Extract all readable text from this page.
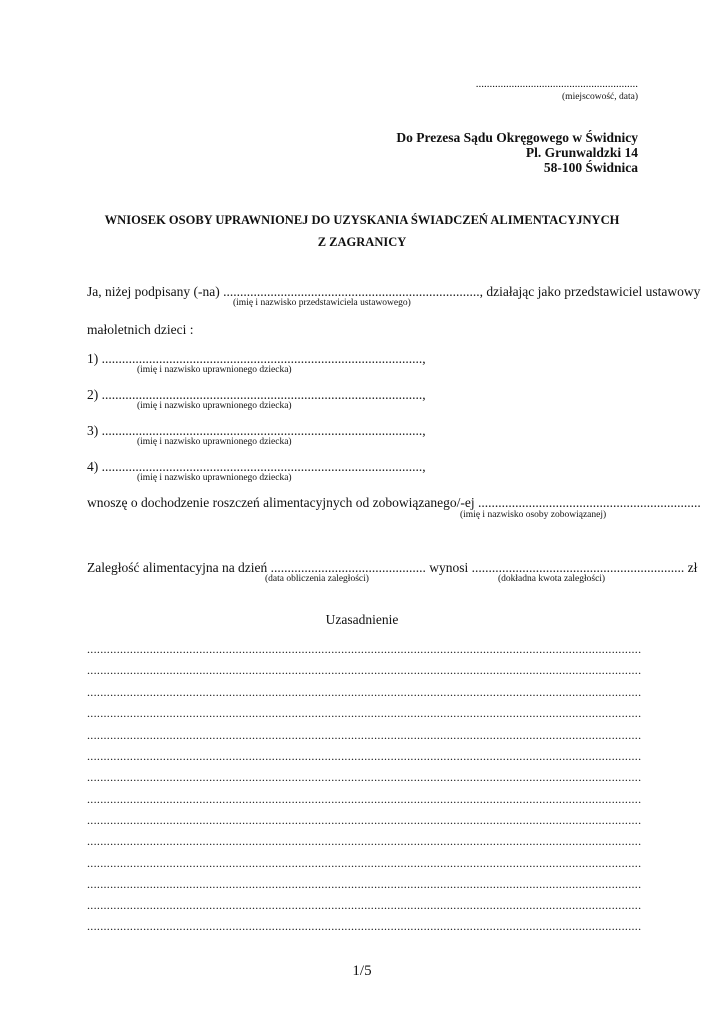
...........................................................
(miejscowość, data)
Do Prezesa Sądu Okręgowego w Świdnicy
Pl. Grunwaldzki 14
58-100 Świdnica
WNIOSEK OSOBY UPRAWNIONEJ DO UZYSKANIA ŚWIADCZEŃ ALIMENTACYJNYCH
Z ZAGRANICY
Ja, niżej podpisany (-na) ............................................................................, działając jako przedstawiciel ustawowy
(imię i nazwisko przedstawiciela ustawowego)
małoletnich dzieci :
1) ...............................................................................................,
(imię i nazwisko uprawnionego dziecka)
2) ...............................................................................................,
(imię i nazwisko uprawnionego dziecka)
3) ...............................................................................................,
(imię i nazwisko uprawnionego dziecka)
4) ...............................................................................................,
(imię i nazwisko uprawnionego dziecka)
wnoszę o dochodzenie roszczeń alimentacyjnych od zobowiązanego/-ej ..................................................................
(imię i nazwisko osoby zobowiązanej)
Zaległość alimentacyjna na dzień .............................................. wynosi ............................................................... zł
(data obliczenia zaległości)	(dokładna kwota zaległości)
Uzasadnienie
........................................................................................................................................................................
........................................................................................................................................................................
........................................................................................................................................................................
........................................................................................................................................................................
........................................................................................................................................................................
........................................................................................................................................................................
........................................................................................................................................................................
........................................................................................................................................................................
........................................................................................................................................................................
........................................................................................................................................................................
........................................................................................................................................................................
........................................................................................................................................................................
........................................................................................................................................................................
........................................................................................................................................................................
1/5
